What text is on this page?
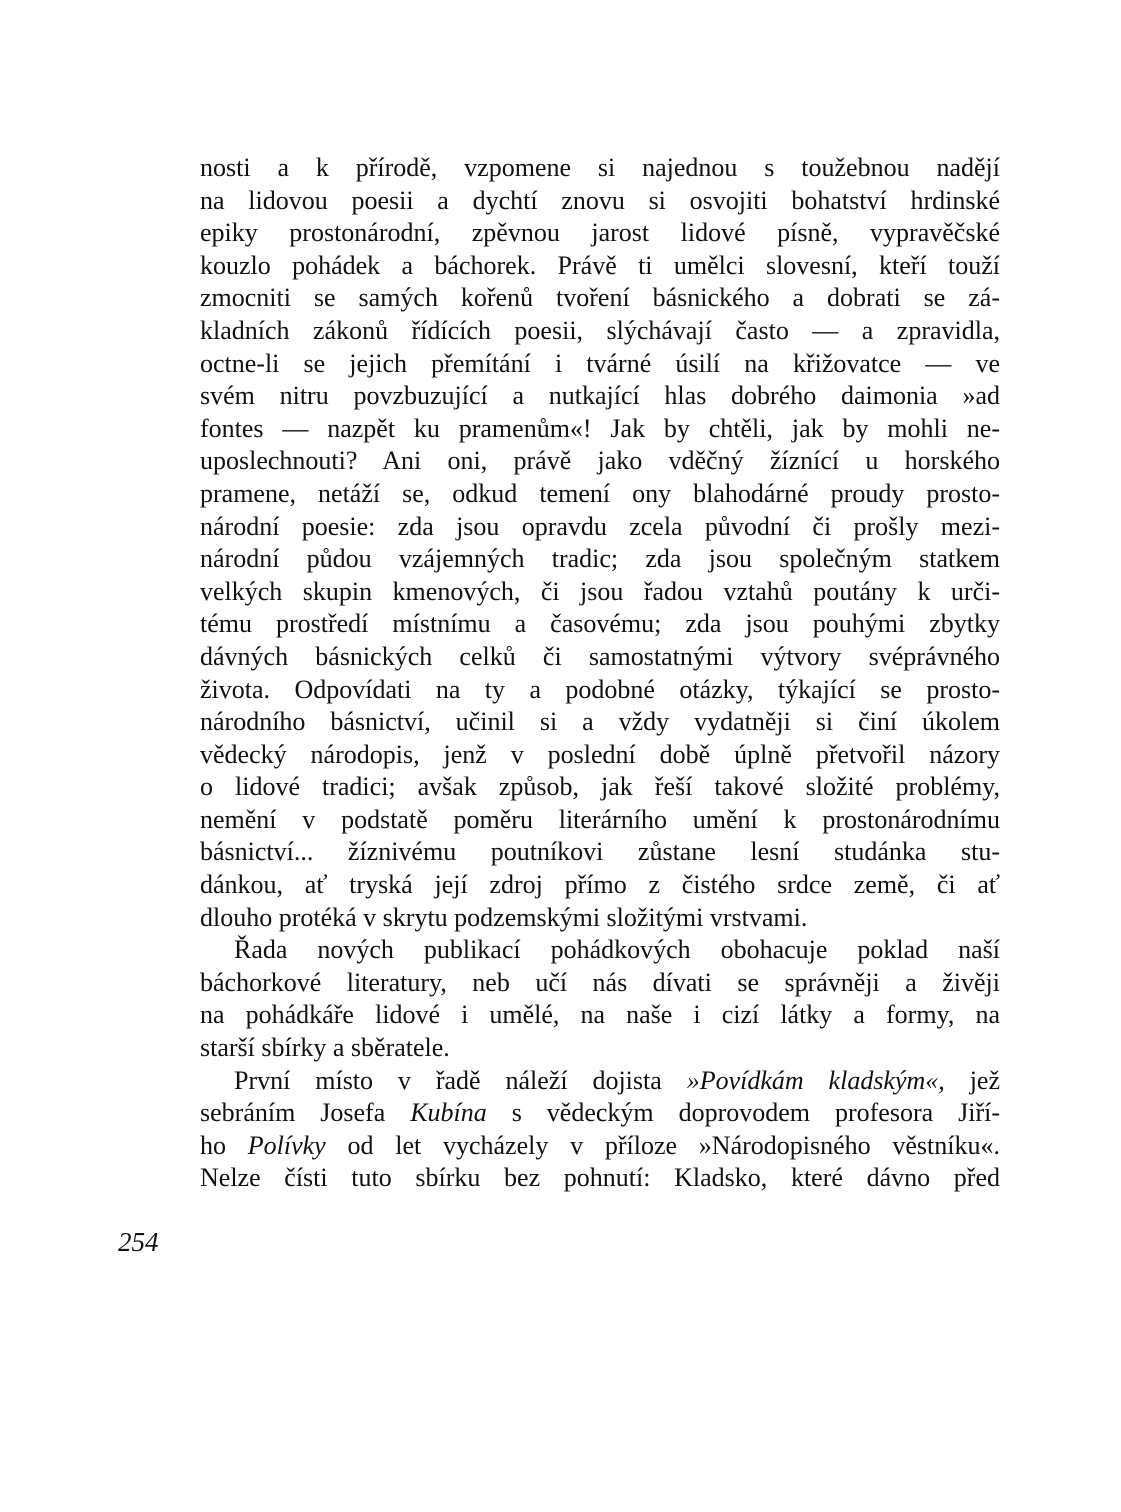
nosti a k přírodě, vzpomene si najednou s toužebnou nadějí
na lidovou poesii a dychtí znovu si osvojiti bohatství hrdinské
epiky prostonárodní, zpěvnou jarost lidové písně, vypravěčské
kouzlo pohádek a báchorek. Právě ti umělci slovesní, kteří touží
zmocniti se samých kořenů tvoření básnického a dobrati se zá-
kladních zákonů řídících poesii, slýchávají často — a zpravidla,
octne-li se jejich přemítání i tvárné úsilí na křižovatce — ve
svém nitru povzbuzující a nutkající hlas dobrého daimonia »ad
fontes — nazpět ku pramenům«! Jak by chtěli, jak by mohli ne-
uposlechnouti? Ani oni, právě jako vděčný žíznící u horského
pramene, netáží se, odkud temení ony blahodárné proudy prosto-
národní poesie: zda jsou opravdu zcela původní či prošly mezi-
národní půdou vzájemných tradic; zda jsou společným statkem
velkých skupin kmenových, či jsou řadou vztahů poutány k urči-
tému prostředí místnímu a časovému; zda jsou pouhými zbytky
dávných básnických celků či samostatnými výtvory svéprávného
života. Odpovídati na ty a podobné otázky, týkající se prosto-
národního básnictví, učinil si a vždy vydatněji si činí úkolem
vědecký národopis, jenž v poslední době úplně přetvořil názory
o lidové tradici; avšak způsob, jak řeší takové složité problémy,
nemění v podstatě poměru literárního umění k prostonárodnímu
básnictví... žíznivému poutníkovi zůstane lesní studánka stu-
dánkou, ať tryská její zdroj přímo z čistého srdce země, či ať
dlouho protéká v skrytu podzemskými složitými vrstvami.
Řada nových publikací pohádkových obohacuje poklad naší
báchorkové literatury, neb učí nás dívati se správněji a živěji
na pohádkáře lidové i umělé, na naše i cizí látky a formy, na
starší sbírky a sběratele.
První místo v řadě náleží dojista »Povídkám kladským«, jež
sebráním Josefa Kubína s vědeckým doprovodem profesora Jiří-
ho Polívky od let vycházely v příloze »Národopisného věstníku«.
Nelze čísti tuto sbírku bez pohnutí: Kladsko, které dávno před
254
